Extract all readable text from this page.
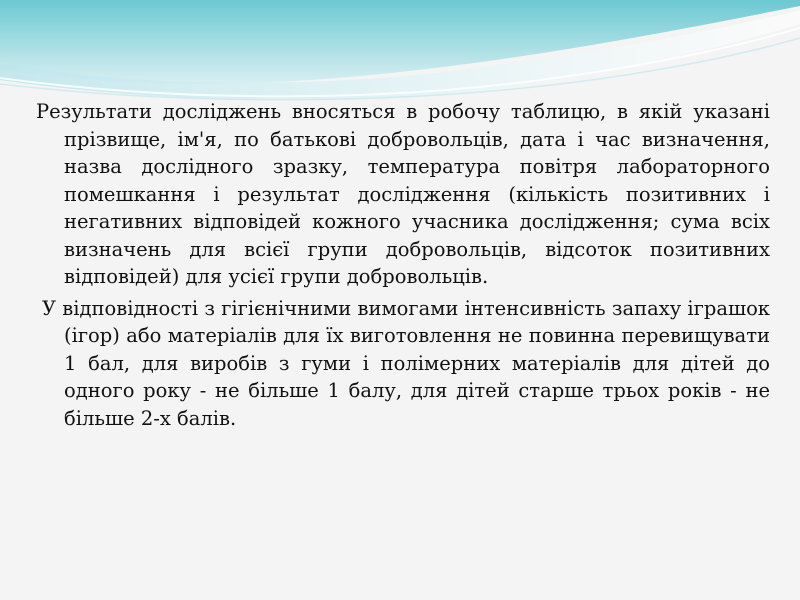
Результати досліджень вносяться в робочу таблицю, в якій указані прізвище, ім'я, по батькові добровольців, дата і час визначення, назва дослідного зразку, температура повітря лабораторного помешкання і результат дослідження (кількість позитивних і негативних відповідей кожного учасника дослідження; сума всіх визначень для всієї групи добровольців, відсоток позитивних відповідей) для усієї групи добровольців.

У відповідності з гігієнічними вимогами інтенсивність запаху іграшок (ігор) або матеріалів для їх виготовлення не повинна перевищувати 1 бал, для виробів з гуми і полімерних матеріалів для дітей до одного року - не більше 1 балу, для дітей старше трьох років - не більше 2-х балів.
